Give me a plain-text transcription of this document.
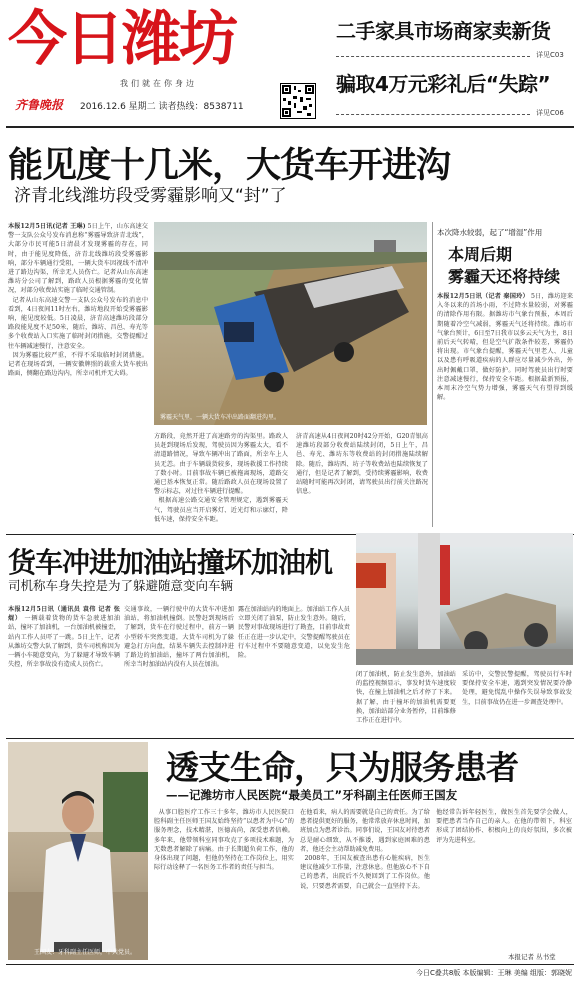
今日潍坊
我们就在你身边
齐鲁晚报 2016.12.6 星期二 读者热线：8538711
二手家具市场商家卖新货
详见C03
骗取4万元彩礼后“失踪”
详见C06
能见度十几米，大货车开进沟
济青北线潍坊段受雾霾影响又“封”了
本报12月5日讯(记者 王琳) 5日上午，山东高速交警一支队公众号发布消息称“雾霾导致济青北线”，大部分市民可能5日清晨才发现雾霾的存在，同时，由于能见度降低，济青北线潍坊段受雾霾影响，部分车辆通行受阻，一辆大货车因视线不清冲进了路边沟渠，所幸无人员伤亡。记者从山东高速潍坊分公司了解到，路政人员根据雾霾的变化情况，对部分收费站实施了临时交通管制。
记者从山东高速交警一支队公众号发布的消息中看到，4日夜间11时左右，潍坊地段开始受雾霾影响，能见度较低。5日凌晨，济青高速潍坊段部分路段能见度不足50米，随后，潍坊、昌邑、寿光等多个收费站入口实施了临时封闭措施，交警提醒过往车辆减速慢行，注意安全。
因为雾霾比较严重，不得不采取临时封闭措施。记者在现场看到，一辆安徽牌照的载重大货车驶出路面，侧翻在路边沟内，所幸司机并无大碍。
雾霾天气里，一辆大货车冲出路面翻进沟里。
方路段，竟然开进了高速路旁的沟渠里。路政人员赶到现场后发现，驾驶员因为雾霾太大，看不清道路情况，导致车辆冲出了路面，所幸车上人员无恙。由于车辆载货较多，现场救援工作持续了数小时。目前事故车辆已被拖离现场，道路交通已基本恢复正常。随后路政人员在现场设置了警示标志，对过往车辆进行提醒。
根据高速公路交通安全管理规定，遇到雾霾天气，驾驶员应当开启雾灯、近光灯和示廓灯，降低车速，保持安全车距。
济青高速从4日夜间20时42分开始，G20青银高速潍坊段部分收费站陆续封闭，5日上午，昌邑、寿光、潍坊东等收费站的封闭措施陆续解除。随后，潍坊西、坊子等收费站也陆续恢复了通行，但是记者了解到，受持续雾霾影响，收费站随时可能再次封闭，请驾驶员出行前关注路况信息。
本次降水较弱，起了“增湿”作用
本周后期
雾霾天还将持续
本报12月5日讯（记者 秦国玲） 5日，潍坊迎来入冬以来的首场小雨，不过降水量较弱，对雾霾的清除作用有限。据潍坊市气象台预报，本周后期随着冷空气减弱，雾霾天气还将持续。潍坊市气象台预计，6日至7日我市以多云天气为主，8日前后天气转晴，但是空气扩散条件较差，雾霾仍将出现。市气象台提醒，雾霾天气里老人、儿童以及患有呼吸道疾病的人群应尽量减少外出，外出时佩戴口罩，做好防护。同时驾驶员出行时要注意减速慢行，保持安全车距。根据最新预报，本周末冷空气势力增强，雾霾天气有望得到缓解。
货车冲进加油站撞坏加油机
司机称车身失控是为了躲避随意变向车辆
本报12月5日讯（通讯员 袁伟 记者 张焜） 一辆载着货物的货车急驶进加油站，撞坏了加油机，一台加油机被撞歪，站内工作人员吓了一跳。5日上午，记者从潍坊交警大队了解到，货车司机称因为一辆小车随意变向，为了躲避才导致车辆失控，所幸事故没有造成人员伤亡。
交通事故，一辆行驶中的大货车冲进加油站，将加油机撞倒。民警赶到现场后了解到，货车在行驶过程中，前方一辆小型轿车突然变道，大货车司机为了躲避急打方向盘，结果车辆失去控制冲进了路边的加油站，撞坏了两台加油机，所幸当时加油站内没有人员在加油。
露在加油站内的地面上。加油站工作人员立即关闭了油泵，防止发生意外。随后，民警对事故现场进行了勘查，目前事故责任正在进一步认定中，交警提醒驾驶员在行车过程中不要随意变道，以免发生危险。
闭了加油机，防止发生意外，加油站的监控视频显示，事发时货车速度较快，在撞上加油机之后才停了下来。据了解，由于撞坏的加油机需要更换，加油站部分业务暂停，目前维修工作正在进行中。
采访中，交警民警提醒，驾驶员行车时要保持安全车速，遇到突发情况要冷静处理，避免慌乱中操作失误导致事故发生，目前事故仍在进一步调查处理中。
王国友：牙科副主任医师，中共党员。
透支生命，只为服务患者
——记潍坊市人民医院“最美员工”牙科副主任医师王国友
从事口腔医疗工作三十多年，潍坊市人民医院口腔科副主任医师王国友始终坚持“以患者为中心”的服务理念，技术精湛，医德高尚，深受患者信赖。多年来，他带领科室同事攻克了多项技术难题，为无数患者解除了病痛。由于长期超负荷工作，他的身体出现了问题，但他仍坚持在工作岗位上，用实际行动诠释了一名医务工作者的责任与担当。
在他看来，病人的需要就是自己的责任。为了给患者提供更好的服务，他常常放弃休息时间，加班加点为患者诊治。同事们说，王国友对待患者总是耐心细致，从不推诿，遇到家庭困难的患者，他还会主动帮助减免费用。
2008年，王国友被查出患有心脏疾病，医生建议他减少工作量，注意休息。但他放心不下自己的患者，出院后不久便回到了工作岗位。他说，只要患者需要，自己就会一直坚持下去。
他经常告诉年轻医生，做医生首先要学会做人，要把患者当作自己的亲人。在他的带领下，科室形成了团结协作、积极向上的良好氛围，多次被评为先进科室。
本报记者 丛书堂
今日C叠共8版 本版编辑：王琳 美编 组版：郭晓妮
